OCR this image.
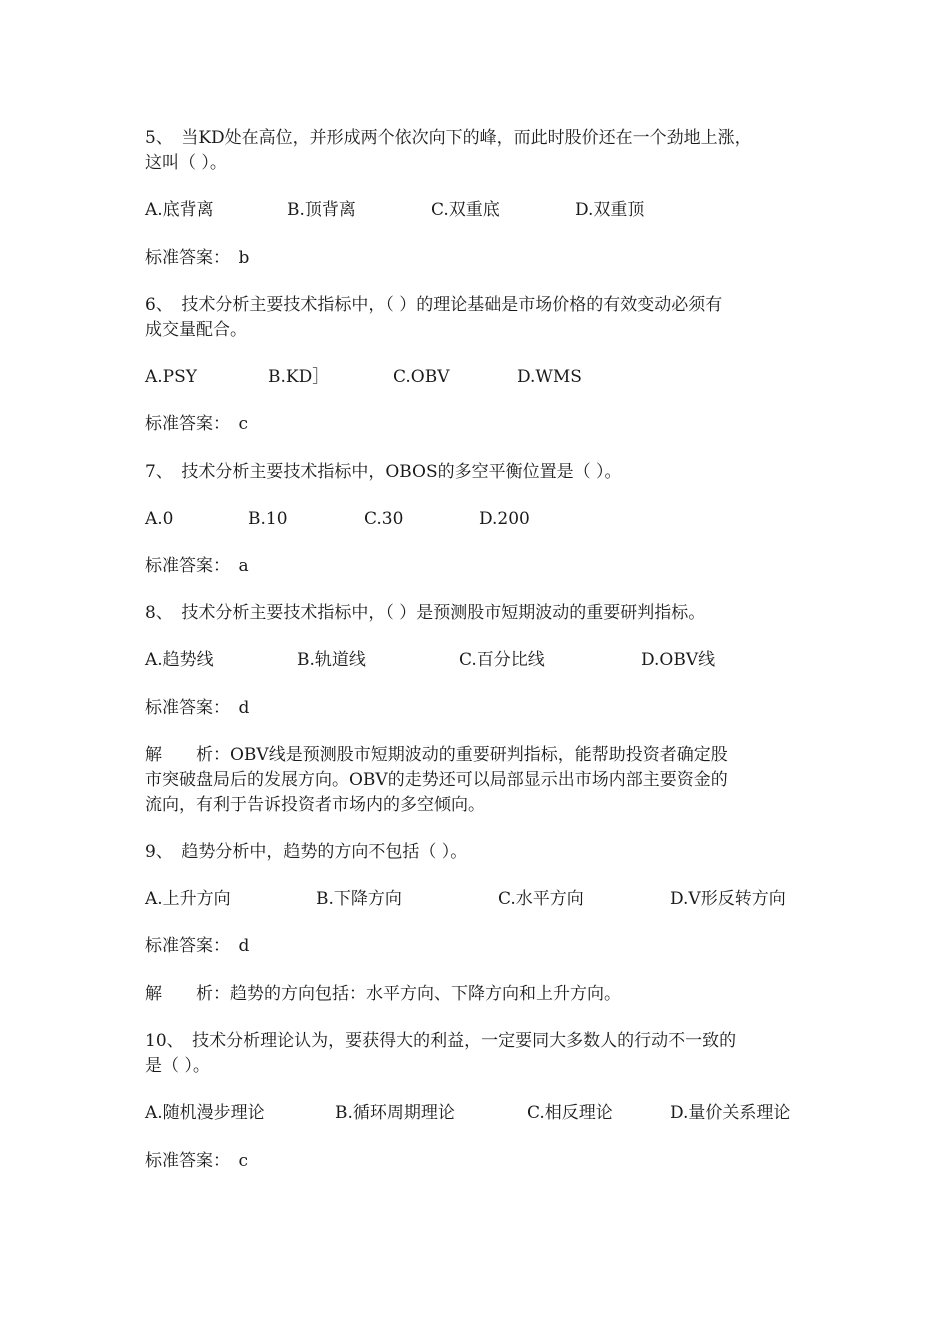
5、　当KD处在高位，并形成两个依次向下的峰，而此时股价还在一个劲地上涨，
这叫（ ）。
A.底背离	B.顶背离	C.双重底	D.双重顶
标准答案：　b
6、　技术分析主要技术指标中，（ ）的理论基础是市场价格的有效变动必须有
成交量配合。
A.PSY	B.KD］	C.OBV	D.WMS
标准答案：　c
7、　技术分析主要技术指标中，OBOS的多空平衡位置是（ ）。
A.0	B.10	C.30	D.200
标准答案：　a
8、　技术分析主要技术指标中，（ ）是预测股市短期波动的重要研判指标。
A.趋势线	B.轨道线	C.百分比线	D.OBV线
标准答案：　d
解　　析：OBV线是预测股市短期波动的重要研判指标，能帮助投资者确定股
市突破盘局后的发展方向。OBV的走势还可以局部显示出市场内部主要资金的
流向，有利于告诉投资者市场内的多空倾向。
9、　趋势分析中，趋势的方向不包括（ ）。
A.上升方向	B.下降方向	C.水平方向	D.V形反转方向
标准答案：　d
解　　析：趋势的方向包括：水平方向、下降方向和上升方向。
10、　技术分析理论认为，要获得大的利益，一定要同大多数人的行动不一致的
是（ ）。
A.随机漫步理论	B.循环周期理论	C.相反理论	D.量价关系理论
标准答案：　c
